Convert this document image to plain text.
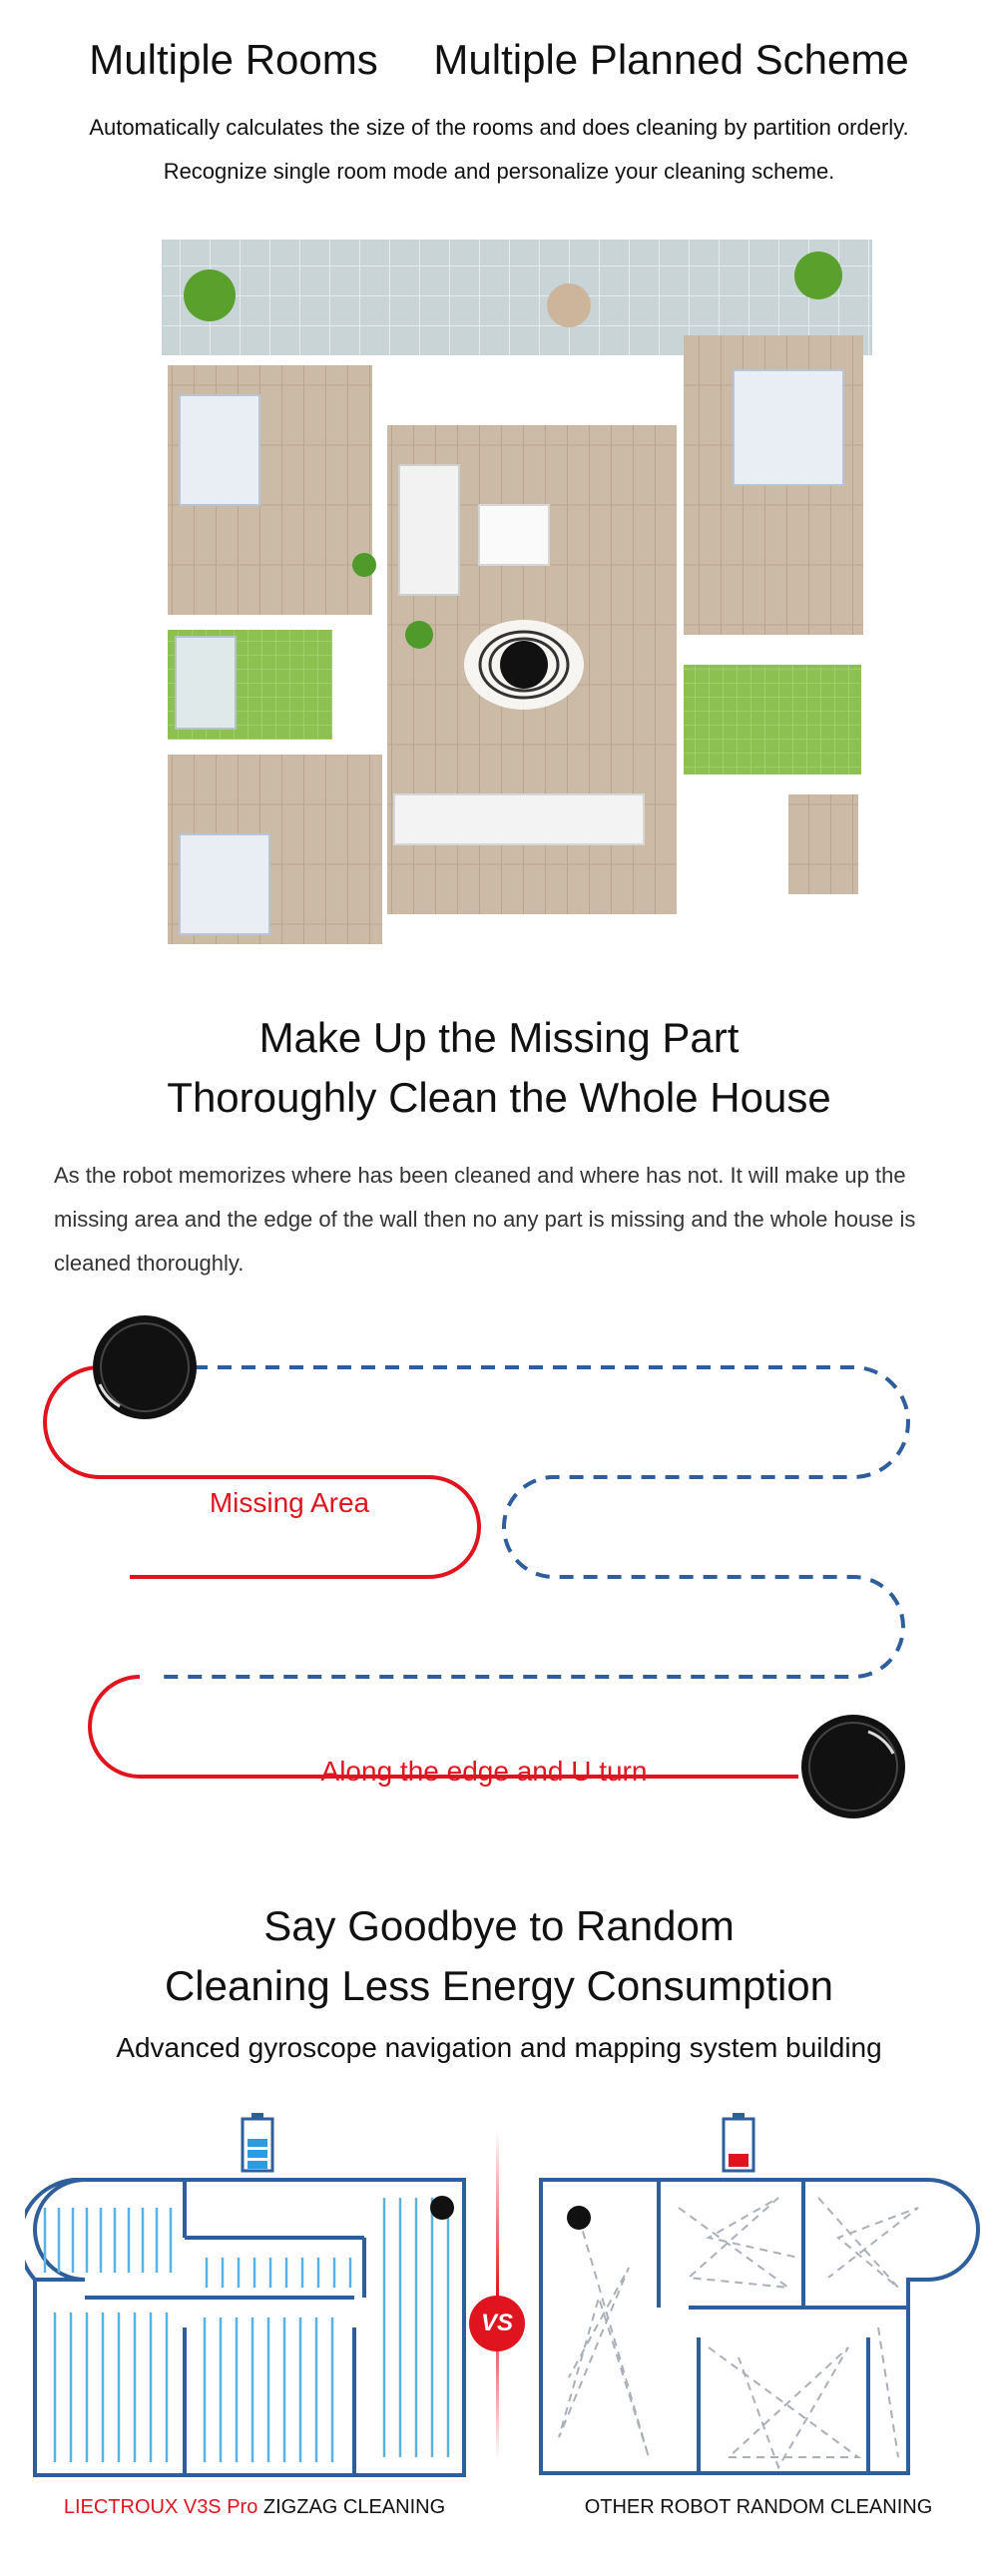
Multiple Rooms Multiple Planned Scheme
Automatically calculates the size of the rooms and does cleaning by partition orderly.
Recognize single room mode and personalize your cleaning scheme.
Make Up the Missing Part
Thoroughly Clean the Whole House
As the robot memorizes where has been cleaned and where has not. It will make up the missing area and the edge of the wall then no any part is missing and the whole house is cleaned thoroughly.
Missing Area
Along the edge and U turn
Say Goodbye to Random
Cleaning Less Energy Consumption
Advanced gyroscope navigation and mapping system building
VS
LIECTROUX V3S Pro ZIGZAG CLEANING	OTHER ROBOT RANDOM CLEANING
